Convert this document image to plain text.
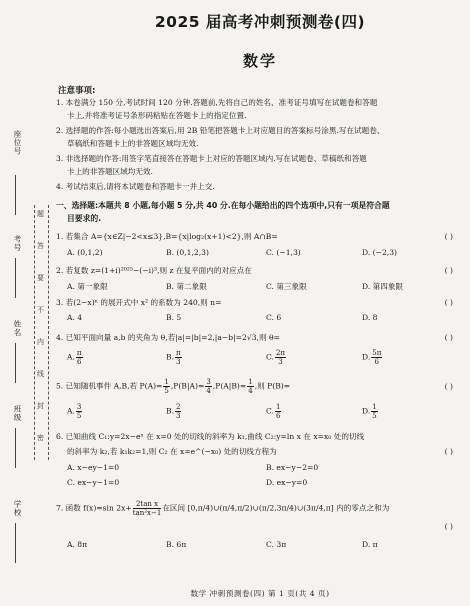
座位号
考号
姓名
班级
学校
题
答
要
不
内
线
封
密
2025 届高考冲刺预测卷(四)
数学
注意事项:
1. 本卷满分 150 分,考试时间 120 分钟.答题前,先将自己的姓名、准考证号填写在试题卷和答题
卡上,并将准考证号条形码粘贴在答题卡上的指定位置.
2. 选择题的作答:每小题选出答案后,用 2B 铅笔把答题卡上对应题目的答案标号涂黑.写在试题卷、
草稿纸和答题卡上的非答题区域均无效.
3. 非选择题的作答:用签字笔直接答在答题卡上对应的答题区域内.写在试题卷、草稿纸和答题
卡上的非答题区域均无效.
4. 考试结束后,请将本试题卷和答题卡一并上交.
一、选择题:本题共 8 小题,每小题 5 分,共 40 分.在每小题给出的四个选项中,只有一项是符合题
目要求的.
1. 若集合 A={x∈Z|−2<x≤3},B={x|log₂(x+1)<2},则 A∩B=	( )
A. (0,1,2)	B. (0,1,2,3)	C. (−1,3)	D. (−2,3)
2. 若复数 z=(1+i)²⁰²⁵−(−i)³,则 z 在复平面内的对应点在	( )
A. 第一象限	B. 第二象限	C. 第三象限	D. 第四象限
3. 若(2−x)ⁿ 的展开式中 x² 的系数为 240,则 n=	( )
A. 4	B. 5	C. 6	D. 8
4. 已知平面向量 a,b 的夹角为 θ,若|a|=|b|=2,|a−b|=2√3,则 θ=	( )
A. $\frac{\pi}{6}$	B. $\frac{\pi}{3}$	C. $\frac{2\pi}{3}$	D. $\frac{5\pi}{6}$
5. 已知随机事件 A,B,若 $P(A)= \frac{1}{5} ,P(B|A)= \frac{3}{4} ,P(A|B)= \frac{1}{4}$ ,则 P(B)=	( )
A. $\frac{3}{5}$	B. $\frac{2}{3}$	C. $\frac{1}{6}$	D. $\frac{1}{5}$
6. 已知曲线 C₁:y=2x−eˣ 在 x=0 处的切线的斜率为 k₁,曲线 C₂:y=ln x 在 x=x₀ 处的切线
的斜率为 k₂,若 k₁k₂=1,则 C₂ 在 x=e^(−x₀) 处的切线方程为	( )
A. x−ey−1=0	B. ex−y−2=0
C. ex−y−1=0	D. ex−y=0
7. 函数 f(x)=sin $2x+ \frac{\text{2tan x}}{\text{tan²x−1}}$ 在区间 [0,π/4)∪(π/4,π/2)∪(π/2,3π/4)∪(3π/4,π] 内的零点之和为
( )
A. 8π	B. 6π	C. 3π	D. π
数学 冲刺预测卷(四) 第 1 页(共 4 页)
